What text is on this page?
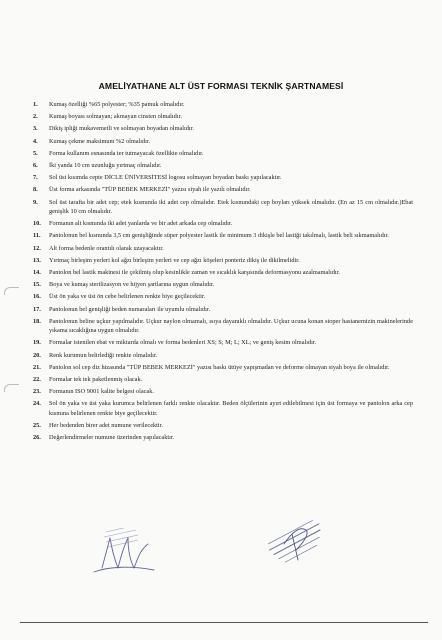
AMELİYATHANE ALT ÜST FORMASI TEKNİK ŞARTNAMESİ
1.	Kumaş özelliği %65 polyester; %35 pamuk olmalıdır.
2.	Kumaş boyası solmayan; akmayan cinsten olmalıdır.
3.	Dikiş ipliği mukavemetli ve solmayan boyadan olmalıdır.
4.	Kumaş çekme maksimum %2 olmalıdır.
5.	Forma kullanım esnasında ter tutmayacak özellikte olmalıdır.
6.	İki yanda 10 cm uzunluğu yırtmaç olmalıdır.
7.	Sol üst kısımda cepte DİCLE ÜNİVERSİTESİ logosu solmayan boyadan baskı yapılacaktır.
8.	Üst forma arkasında "TÜP BEBEK MERKEZİ" yazısı siyah ile yazılı olmalıdır.
9.	Sol üst tarafta bir adet cep; etek kısmında iki adet cep olmalıdır. Etek kısmındaki cep boyları yüksek olmalıdır. (En az 15 cm olmalıdır.)Ebat genişlik 10 cm olmalıdır.
10.	Formanın alt kısmında iki adet yanlarda ve bir adet arkada cep olmalıdır.
11.	Pantolonun bel kısmında 3,5 cm genişliğinde süper polyester lastik ile minimum 3 dikişle bel lastiği takılmalı, lastik beli sıkmamalıdır.
12.	Alt forma bedenle orantılı olarak uzayacaktır.
13.	Yırtmaç birleşim yerleri kol ağzı birleşim yerleri ve cep ağzı köşeleri ponteriz dikiş ile dikilmelidir.
14.	Pantolon bel lastik makinesi ile çekilmiş olup kesinlikle zaman ve sıcaklık karşısında deformasyonu azalmamalıdır.
15.	Boya ve kumaş sterilizasyon ve hijyen şartlarına uygun olmalıdır.
16.	Üst ön yaka ve üst ön cebe belirlenen renkte biye geçilecektir.
17.	Pantolonun bel genişliği beden numaraları ile uyumlu olmalıdır.
18.	Pantolonun beline uçkur yapılmalıdır. Uçkur naylon olmamalı, ısıya dayanıklı olmalıdır. Uçkur ucuna konan stoper hastanemizin makinelerinde yıkama sıcaklığına uygun olmalıdır.
19.	Formalar istenilen ebat ve miktarda olmalı ve forma bedenleri XS; S; M; L; XL; ve geniş kesim olmalıdır.
20.	Renk kurumun belirlediği renkte olmalıdır.
21.	Pantolon sol cep diz hizasında "TÜP BEBEK MERKEZİ" yazısı baskı ütüye yapışmadan ve deforme olmayan siyah boya ile olmalıdır.
22.	Formalar tek tek paketlenmiş olacak.
23.	Formanın ISO 9001 kalite belgesi olacak.
24.	Sol ön yaka ve üst yaka kurumca belirlenen farklı renkte olacaktır. Beden ölçülerinin ayırt edilebilmesi için üst formaya ve pantolon arka cep kısmına belirlenen renkte biye geçilecektir.
25.	Her bedenden birer adet numune verilecektir.
26.	Değerlendirmeler numune üzerinden yapılacaktır.
